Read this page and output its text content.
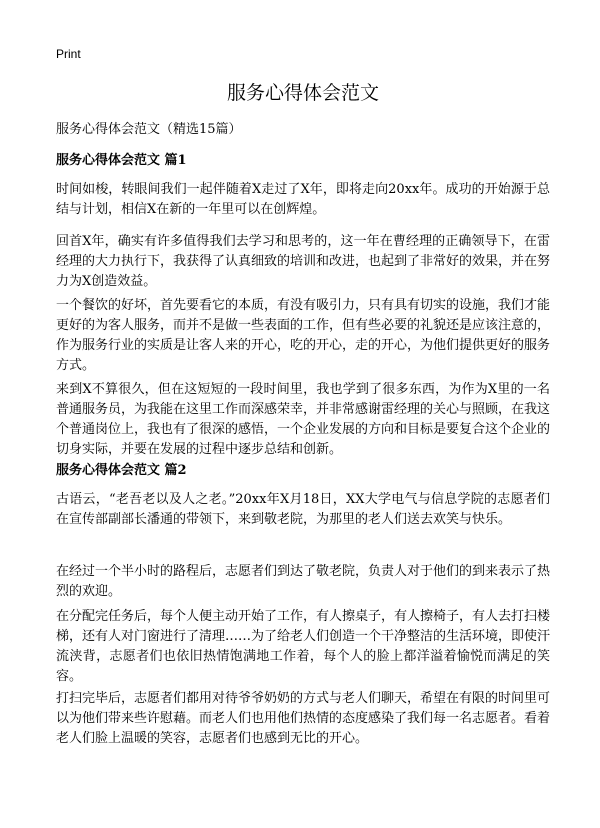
Print
服务心得体会范文

服务心得体会范文（精选15篇）

服务心得体会范文 篇1

时间如梭，转眼间我们一起伴随着X走过了X年，即将走向20xx年。成功的开始源于总结与计划，相信X在新的一年里可以在创辉煌。

回首X年，确实有许多值得我们去学习和思考的，这一年在曹经理的正确领导下，在雷经理的大力执行下，我获得了认真细致的培训和改进，也起到了非常好的效果，并在努力为X创造效益。

一个餐饮的好坏，首先要看它的本质，有没有吸引力，只有具有切实的设施，我们才能更好的为客人服务，而并不是做一些表面的工作，但有些必要的礼貌还是应该注意的，作为服务行业的实质是让客人来的开心，吃的开心，走的开心，为他们提供更好的服务方式。

来到X不算很久，但在这短短的一段时间里，我也学到了很多东西，为作为X里的一名普通服务员，为我能在这里工作而深感荣幸，并非常感谢雷经理的关心与照顾，在我这个普通岗位上，我也有了很深的感悟，一个企业发展的方向和目标是要复合这个企业的切身实际，并要在发展的过程中逐步总结和创新。

服务心得体会范文 篇2

古语云，“老吾老以及人之老。”20xx年X月18日，XX大学电气与信息学院的志愿者们在宣传部副部长潘通的带领下，来到敬老院，为那里的老人们送去欢笑与快乐。

在经过一个半小时的路程后，志愿者们到达了敬老院，负责人对于他们的到来表示了热烈的欢迎。

在分配完任务后，每个人便主动开始了工作，有人擦桌子，有人擦椅子，有人去打扫楼梯，还有人对门窗进行了清理……为了给老人们创造一个干净整洁的生活环境，即使汗流浃背，志愿者们也依旧热情饱满地工作着，每个人的脸上都洋溢着愉悦而满足的笑容。

打扫完毕后，志愿者们都用对待爷爷奶奶的方式与老人们聊天，希望在有限的时间里可以为他们带来些许慰藉。而老人们也用他们热情的态度感染了我们每一名志愿者。看着老人们脸上温暖的笑容，志愿者们也感到无比的开心。
